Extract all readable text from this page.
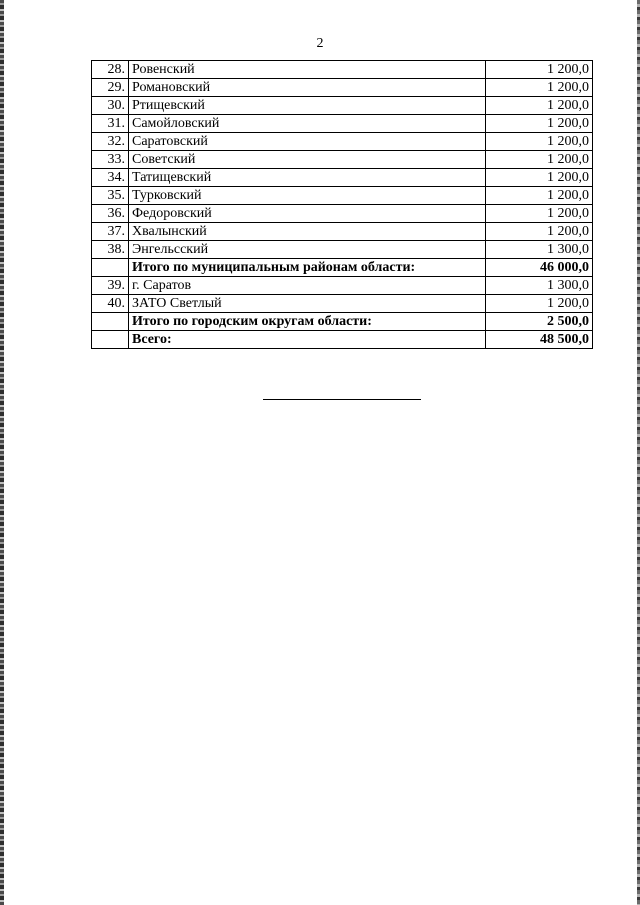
2
28.	Ровенский	1 200,0
29.	Романовский	1 200,0
30.	Ртищевский	1 200,0
31.	Самойловский	1 200,0
32.	Саратовский	1 200,0
33.	Советский	1 200,0
34.	Татищевский	1 200,0
35.	Турковский	1 200,0
36.	Федоровский	1 200,0
37.	Хвалынский	1 200,0
38.	Энгельсский	1 300,0
	Итого по муниципальным районам области:	46 000,0
39.	г. Саратов	1 300,0
40.	ЗАТО Светлый	1 200,0
	Итого по городским округам области:	2 500,0
	Всего:	48 500,0
